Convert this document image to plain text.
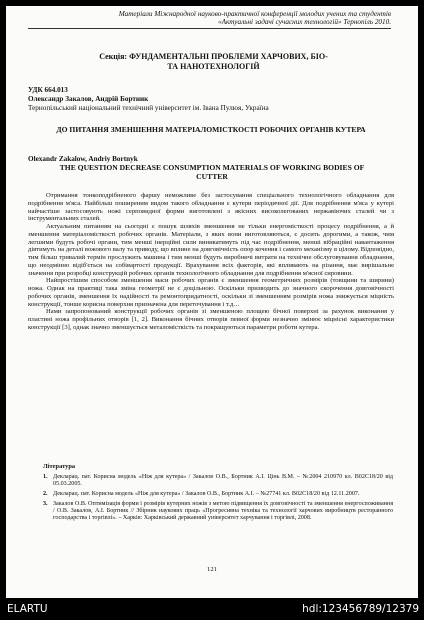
Матеріали Міжнародної науково-практичної конференції молодих учених та студентів
«Актуальні задачі сучасних технологій» Тернопіль 2010.
Секція: ФУНДАМЕНТАЛЬНІ ПРОБЛЕМИ ХАРЧОВИХ, БІО-
ТА НАНОТЕХНОЛОГІЙ
УДК 664.013
Олександр Закалов, Андрій Бортник
Тернопільський національний технічний університет ім. Івана Пулюя, Україна
ДО ПИТАННЯ ЗМЕНШЕННЯ МАТЕРІАЛОМІСТКОСТІ РОБОЧИХ ОРГАНІВ КУТЕРА
Olexandr Zakalow, Andriy Bortnyk
THE QUESTION DECREASE CONSUMPTION MATERIALS OF WORKING BODIES OF CUTTER

Отримання тонкоподрібненого фаршу неможливе без застосування спеціального технологічного обладнання для подрібнення м'яса. Найбільш поширеним видом такого обладнання є кутери періодичної дії. Для подрібнення м'яса у кутері найчастіше застосовують ножі серповидної форми виготовлені з якісних високолегованих нержавіючих сталей чи з інструментальних сталей.

Актуальним питанням на сьогодні є пошук шляхів зменшення не тільки енергомісткості процесу подрібнення, а й зменшення матеріаломісткості робочих органів. Матеріали, з яких вони виготовляються, є досить дорогими, а також, чим легшими будуть робочі органи, тим менші інерційні сили виникатимуть під час подрібнення, менші вібраційні навантаження діятимуть на деталі вожового валу та приводу, що вплине на довговічність опор кочення і самого механізму в цілому. Відповідно, тим більш тривалий термін прослужить машина і тим менші будуть виробничі витрати на технічне обслуговування обладнання, що неодмінно відіб'ється на собівартості продукції. Врахування всіх факторів, які впливають на різання, має вирішальне значення при розробці конструкцій робочих органів технологічного обладнання для подрібнення м'ясної сировини.

Найпростішим способом зменшення маси робочих органів є зменшення геометричних розмірів (товщини та ширини) ножа. Однак на практиці така зміна геометрії не є доцільною. Оскільки призводить до значного скорочення довговічності робочих органів, зменшення їх надійності та ремонтопридатності, оскільки зі зменшенням розмірів ножа знижується міцність конструкції, тонше корисна поверхня призначена для переточування і т.д…

Нами запропонований конструкції робочих органів зі зменшеною площею бічної поверхні за рахунок виконання у пластині ножа профільних отворів [1, 2]. Виконання бічних отворів певної форми незначно змінює міцнісні характеристики конструкції [3], однак значно зменшується металомісткість та покращуються параметри роботи кутера.

Література
1. Декларац. пат. Корисна модель «Ніж для кутера» / Закалов О.В., Бортник А.І. Цінь В.М. – №2004 210970 кл. B02C18/20 від 05.03.2005.
2. Декларац. пат. Корисна модель «Ніж для кутера» / Закалов О.В., Бортник А.І. – №27741 кл. B02C18/20 від 12.11.2007.
3. Закалов О.В. Оптимізація форми і розмірів кутерних ножів з метою підвищення їх довговічності та зменшення енергоспоживання / О.В. Закалов, А.І. Бортник // Збірник наукових праць «Прогресивна техніка та технології харчових виробництв ресторанного господарства і торгівлі». – Харків: Харківський державний університет харчування і торгівлі, 2008.
121
ELARTU	hdl:123456789/12379
